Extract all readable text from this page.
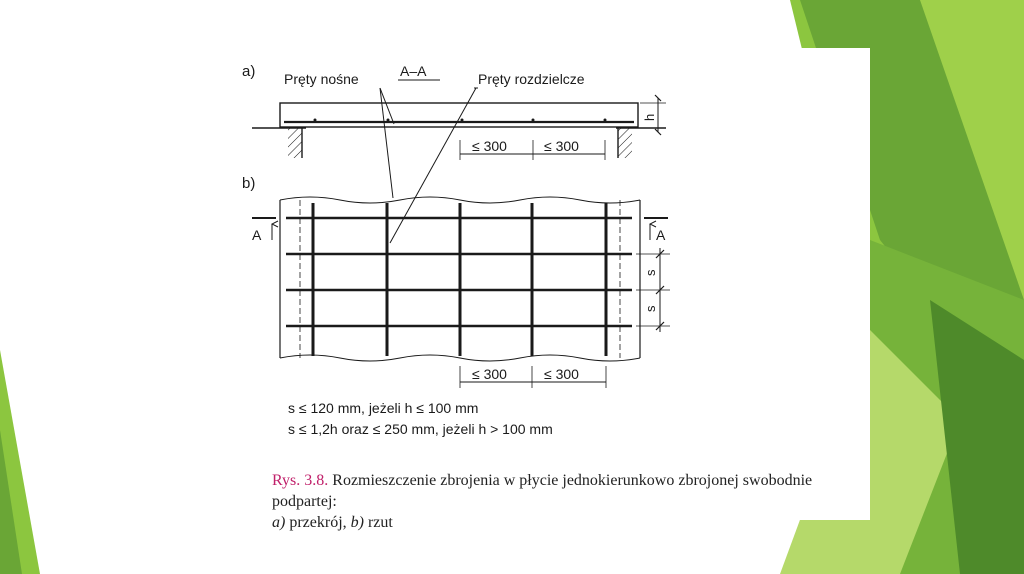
a)	A–A
Pręty nośne	Pręty rozdzielcze
h
≤ 300	≤ 300
b)
A	A
s
s
≤ 300	≤ 300
s ≤ 120 mm, jeżeli h ≤ 100 mm
s ≤ 1,2h oraz ≤ 250 mm, jeżeli h > 100 mm
Rys. 3.8. Rozmieszczenie zbrojenia w płycie jednokierunkowo zbrojonej swobodnie podpartej:
a) przekrój, b) rzut
